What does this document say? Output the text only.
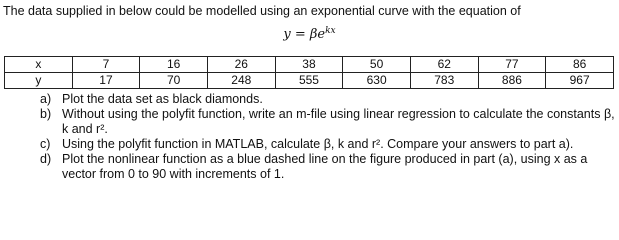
The data supplied in below could be modelled using an exponential curve with the equation of
$y = \beta e^{kx}$
x	7	16	26	38	50	62	77	86
y	17	70	248	555	630	783	886	967
a) Plot the data set as black diamonds.
b) Without using the polyfit function, write an m-file using linear regression to calculate the constants β, k and r².
c) Using the polyfit function in MATLAB, calculate β, k and r². Compare your answers to part a).
d) Plot the nonlinear function as a blue dashed line on the figure produced in part (a), using x as a vector from 0 to 90 with increments of 1.
